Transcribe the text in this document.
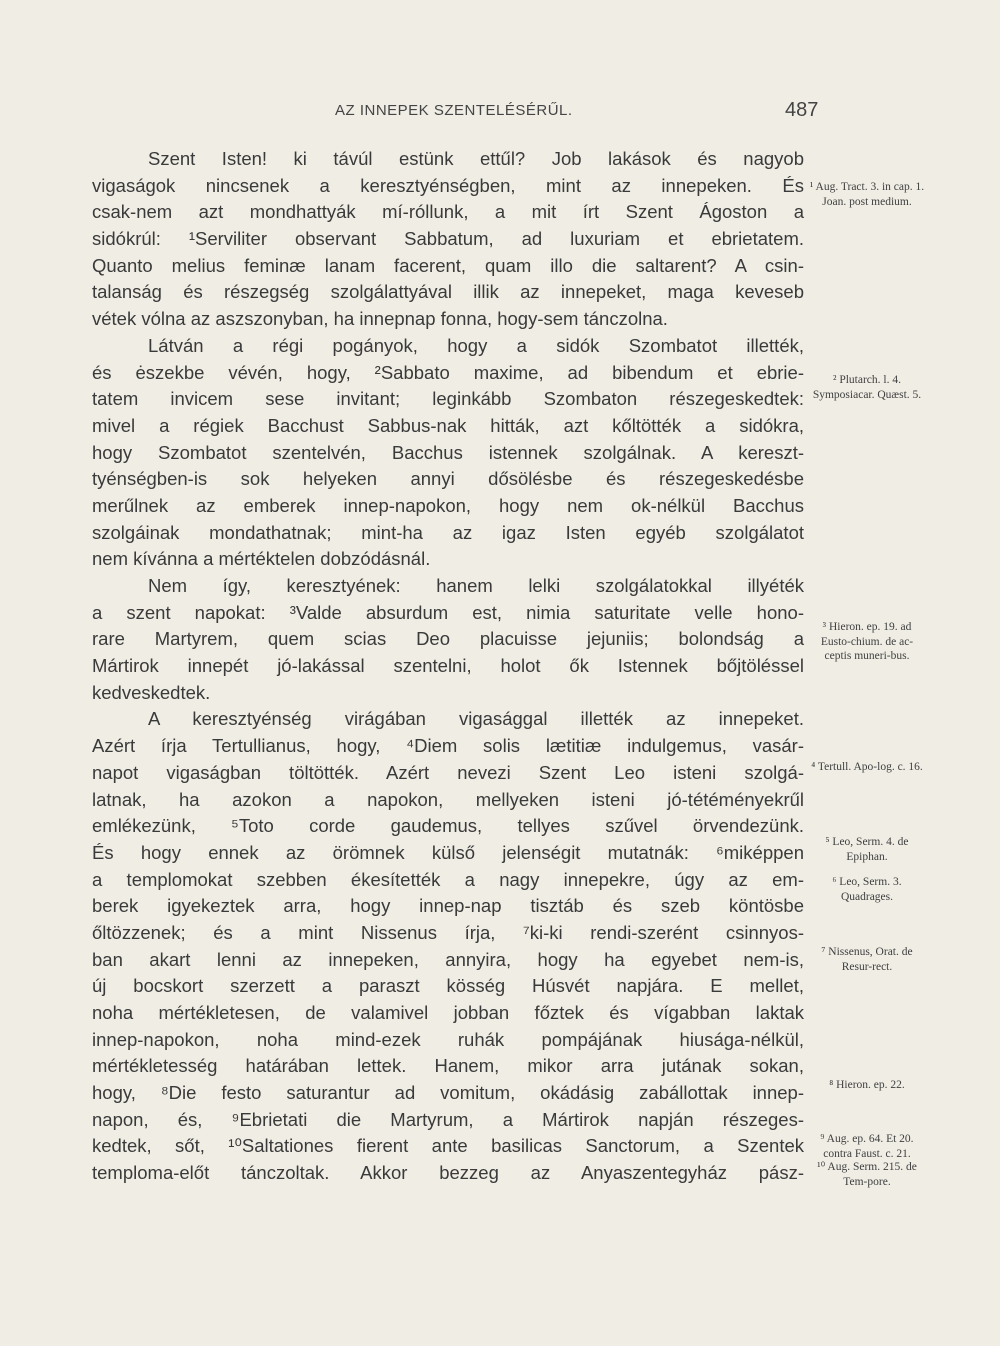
AZ INNEPEK SZENTELÉSÉRŰL.	487
Szent Isten! ki távúl estünk ettűl? Job lakások és nagyob
vigaságok nincsenek a keresztyénségben, mint az innepeken. És
csak-nem azt mondhattyák mí-róllunk, a mit írt Szent Ágoston a
sidókrúl: ¹Serviliter observant Sabbatum, ad luxuriam et ebrietatem.
Quanto melius feminæ lanam facerent, quam illo die saltarent? A csin-
talanság és részegség szolgálattyával illik az innepeket, maga keveseb
vétek vólna az aszszonyban, ha innepnap fonna, hogy-sem tánczolna.
Látván a régi pogányok, hogy a sidók Szombatot illették,
és ėszekbe vévén, hogy, ²Sabbato maxime, ad bibendum et ebrie-
tatem invicem sese invitant; leginkább Szombaton részegeskedtek:
mivel a régiek Bacchust Sabbus-nak hitták, azt kőltötték a sidókra,
hogy Szombatot szentelvén, Bacchus istennek szolgálnak. A kereszt-
tyénségben-is sok helyeken annyi dősölésbe és részegeskedésbe
merűlnek az emberek innep-napokon, hogy nem ok-nélkül Bacchus
szolgáinak mondathatnak; mint-ha az igaz Isten egyéb szolgálatot
nem kívánna a mértéktelen dobzódásnál.
Nem így, keresztyének: hanem lelki szolgálatokkal illyéték
a szent napokat: ³Valde absurdum est, nimia saturitate velle hono-
rare Martyrem, quem scias Deo placuisse jejuniis; bolondság a
Mártirok innepét jó-lakással szentelni, holot ők Istennek bőjtöléssel
kedveskedtek.
A keresztyénség virágában vigasággal illették az innepeket.
Azért írja Tertullianus, hogy, ⁴Diem solis lætitiæ indulgemus, vasár-
napot vigaságban töltötték. Azért nevezi Szent Leo isteni szolgá-
latnak, ha azokon a napokon, mellyeken isteni jó-tétéményekrűl
emlékezünk, ⁵Toto corde gaudemus, tellyes szűvel örvendezünk.
És hogy ennek az örömnek külső jelenségit mutatnák: ⁶miképpen
a templomokat szebben ékesítették a nagy innepekre, úgy az em-
berek igyekeztek arra, hogy innep-nap tisztáb és szeb köntösbe
őltözzenek; és a mint Nissenus írja, ⁷ki-ki rendi-szerént csinnyos-
ban akart lenni az innepeken, annyira, hogy ha egyebet nem-is,
új bocskort szerzett a paraszt kösség Húsvét napjára. E mellet,
noha mértékletesen, de valamivel jobban főztek és vígabban laktak
innep-napokon, noha mind-ezek ruhák pompájának hiusága-nélkül,
mértékletesség határában lettek. Hanem, mikor arra jutának sokan,
hogy, ⁸Die festo saturantur ad vomitum, okádásig zabállottak innep-
napon, és, ⁹Ebrietati die Martyrum, a Mártirok napján részeges-
kedtek, sőt, ¹⁰Saltationes fierent ante basilicas Sanctorum, a Szentek
temploma-előt tánczoltak. Akkor bezzeg az Anyaszentegyház pász-
¹ Aug. Tract. 3. in cap. 1. Joan. post medium.
² Plutarch. l. 4. Symposiacar. Quæst. 5.
³ Hieron. ep. 19. ad Eusto-chium. de ac-ceptis muneri-bus.
⁴ Tertull. Apo-log. c. 16.
⁵ Leo, Serm. 4. de Epiphan.
⁶ Leo, Serm. 3. Quadrages.
⁷ Nissenus, Orat. de Resur-rect.
⁸ Hieron. ep. 22.
⁹ Aug. ep. 64. Et 20. contra Faust. c. 21.
¹⁰ Aug. Serm. 215. de Tem-pore.
